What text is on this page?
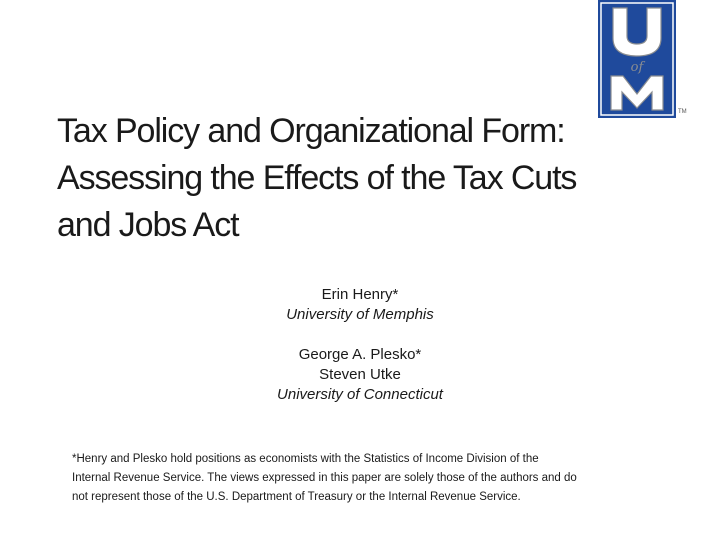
of
TM
Tax Policy and Organizational Form:
Assessing the Effects of the Tax Cuts
and Jobs Act
Erin Henry*
University of Memphis
George A. Plesko*
Steven Utke
University of Connecticut
*Henry and Plesko hold positions as economists with the Statistics of Income Division of the
Internal Revenue Service. The views expressed in this paper are solely those of the authors and do
not represent those of the U.S. Department of Treasury or the Internal Revenue Service.
